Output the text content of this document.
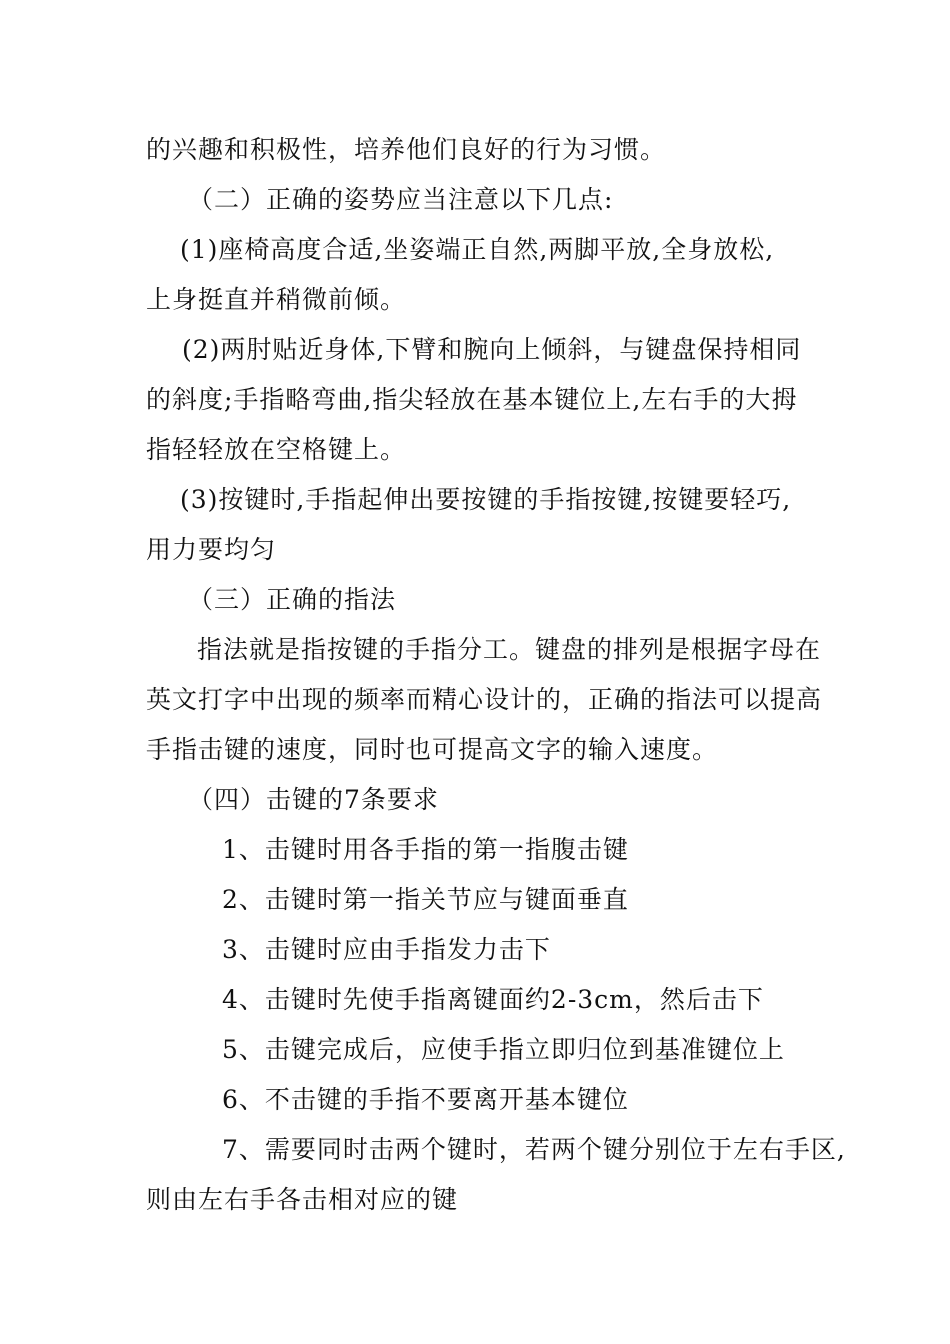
的兴趣和积极性，培养他们良好的行为习惯。
（二）正确的姿势应当注意以下几点:
(1)座椅高度合适,坐姿端正自然,两脚平放,全身放松,
上身挺直并稍微前倾。
(2)两肘贴近身体,下臂和腕向上倾斜，与键盘保持相同
的斜度;手指略弯曲,指尖轻放在基本键位上,左右手的大拇
指轻轻放在空格键上。
(3)按键时,手指起伸出要按键的手指按键,按键要轻巧,
用力要均匀
（三）正确的指法
指法就是指按键的手指分工。键盘的排列是根据字母在
英文打字中出现的频率而精心设计的，正确的指法可以提高
手指击键的速度，同时也可提高文字的输入速度。
（四）击键的7条要求
1、击键时用各手指的第一指腹击键
2、击键时第一指关节应与键面垂直
3、击键时应由手指发力击下
4、击键时先使手指离键面约2-3cm，然后击下
5、击键完成后，应使手指立即归位到基准键位上
6、不击键的手指不要离开基本键位
7、需要同时击两个键时，若两个键分别位于左右手区,
则由左右手各击相对应的键
